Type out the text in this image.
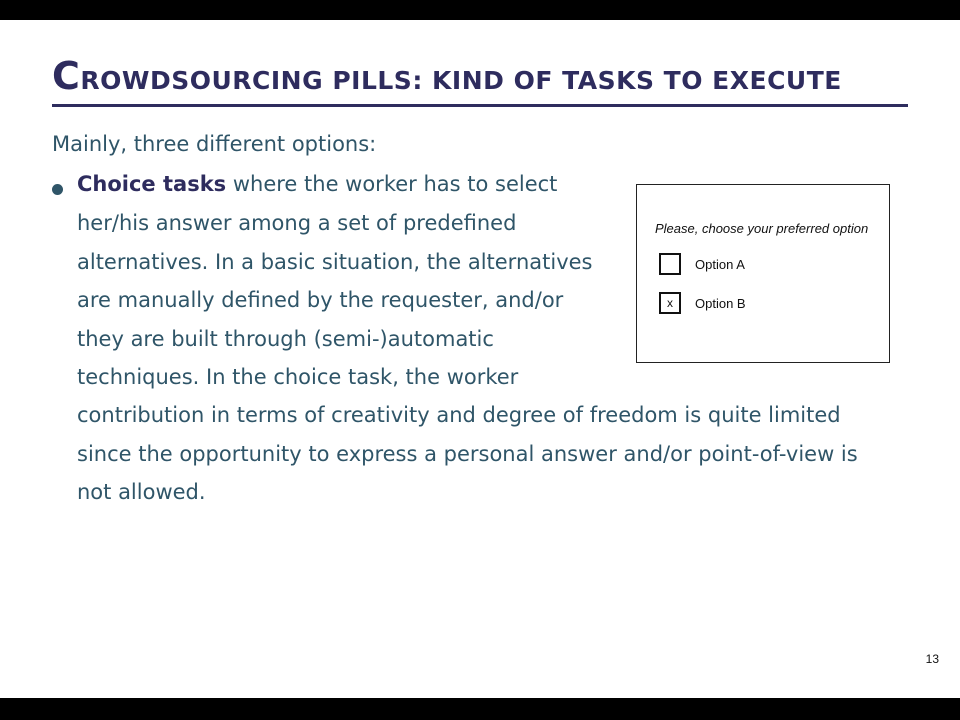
CROWDSOURCING PILLS: KIND OF TASKS TO EXECUTE
Mainly, three different options:
Choice tasks where the worker has to select
her/his answer among a set of predefined
alternatives. In a basic situation, the alternatives
are manually defined by the requester, and/or
they are built through (semi-)automatic
techniques. In the choice task, the worker
contribution in terms of creativity and degree of freedom is quite limited
since the opportunity to express a personal answer and/or point-of-view is
not allowed.
Please, choose your preferred option
Option A
x	Option B
13
